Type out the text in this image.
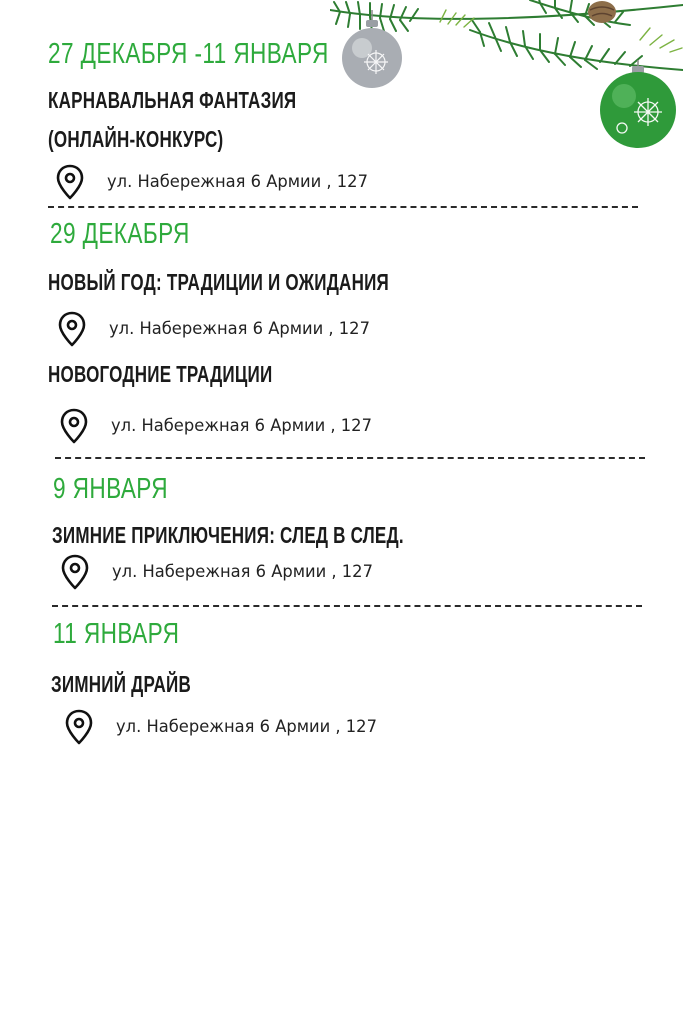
27 ДЕКАБРЯ -11 ЯНВАРЯ
КАРНАВАЛЬНАЯ ФАНТАЗИЯ
(ОНЛАЙН-КОНКУРС)
ул. Набережная 6 Армии , 127
29 ДЕКАБРЯ
НОВЫЙ ГОД: ТРАДИЦИИ И ОЖИДАНИЯ
ул. Набережная 6 Армии , 127
НОВОГОДНИЕ ТРАДИЦИИ
ул. Набережная 6 Армии , 127
9 ЯНВАРЯ
ЗИМНИЕ ПРИКЛЮЧЕНИЯ: СЛЕД В СЛЕД.
ул. Набережная 6 Армии , 127
11 ЯНВАРЯ
ЗИМНИЙ ДРАЙВ
ул. Набережная 6 Армии , 127
